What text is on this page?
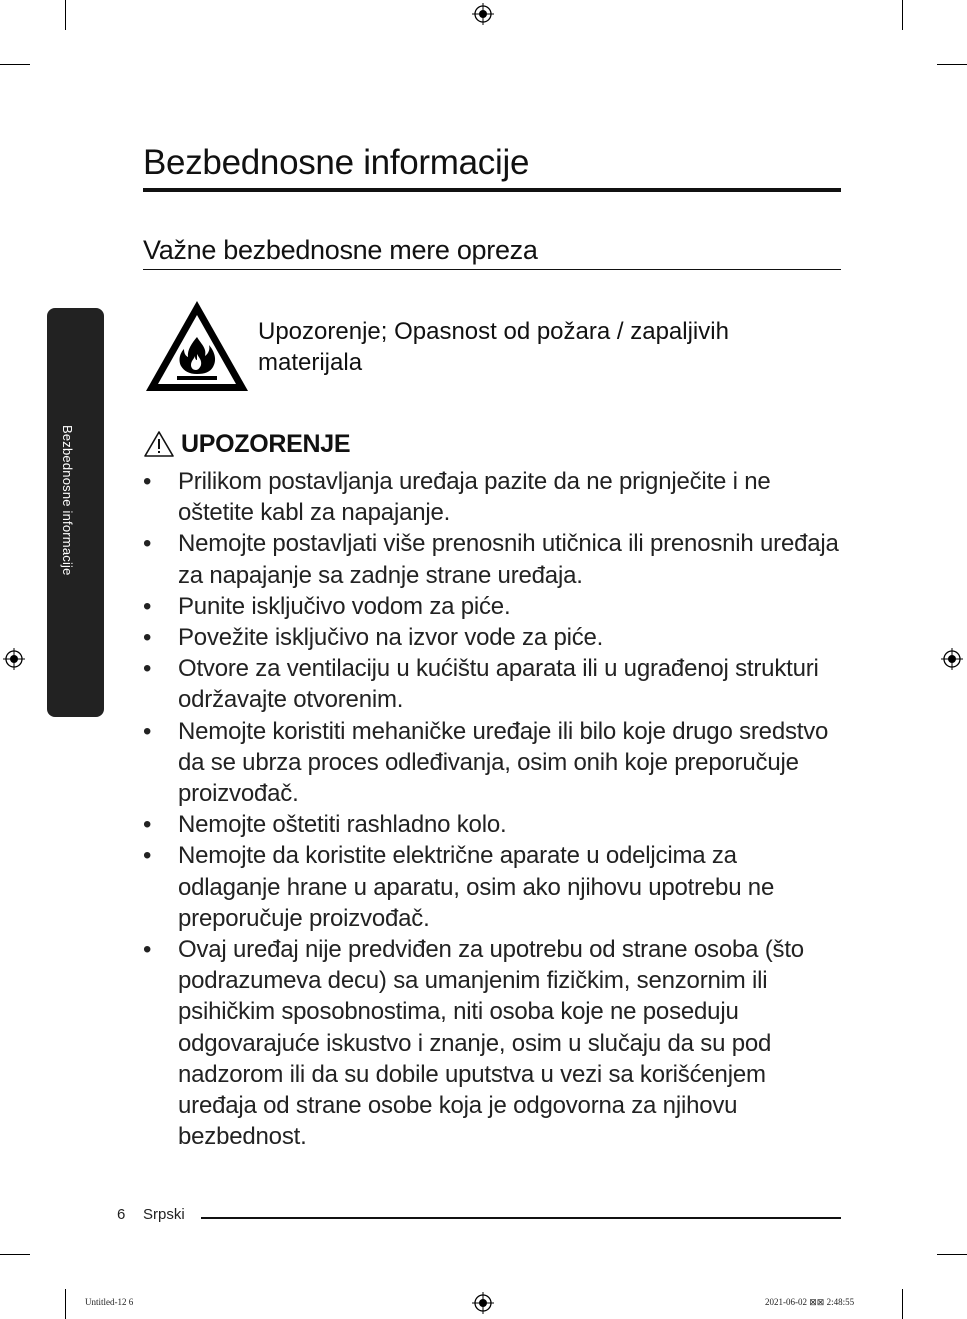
Bezbednosne informacije
Bezbednosne informacije
Važne bezbednosne mere opreza
Upozorenje; Opasnost od požara / zapaljivih materijala
UPOZORENJE
• Prilikom postavljanja uređaja pazite da ne prignječite i ne oštetite kabl za napajanje.
• Nemojte postavljati više prenosnih utičnica ili prenosnih uređaja za napajanje sa zadnje strane uređaja.
• Punite isključivo vodom za piće.
• Povežite isključivo na izvor vode za piće.
• Otvore za ventilaciju u kućištu aparata ili u ugrađenoj strukturi održavajte otvorenim.
• Nemojte koristiti mehaničke uređaje ili bilo koje drugo sredstvo da se ubrza proces odleđivanja, osim onih koje preporučuje proizvođač.
• Nemojte oštetiti rashladno kolo.
• Nemojte da koristite električne aparate u odeljcima za odlaganje hrane u aparatu, osim ako njihovu upotrebu ne preporučuje proizvođač.
• Ovaj uređaj nije predviđen za upotrebu od strane osoba (što podrazumeva decu) sa umanjenim fizičkim, senzornim ili psihičkim sposobnostima, niti osoba koje ne poseduju odgovarajuće iskustvo i znanje, osim u slučaju da su pod nadzorom ili da su dobile uputstva u vezi sa korišćenjem uređaja od strane osobe koja je odgovorna za njihovu bezbednost.
6 Srpski
Untitled-12 6	2021-06-02 ⊠⊠ 2:48:55
